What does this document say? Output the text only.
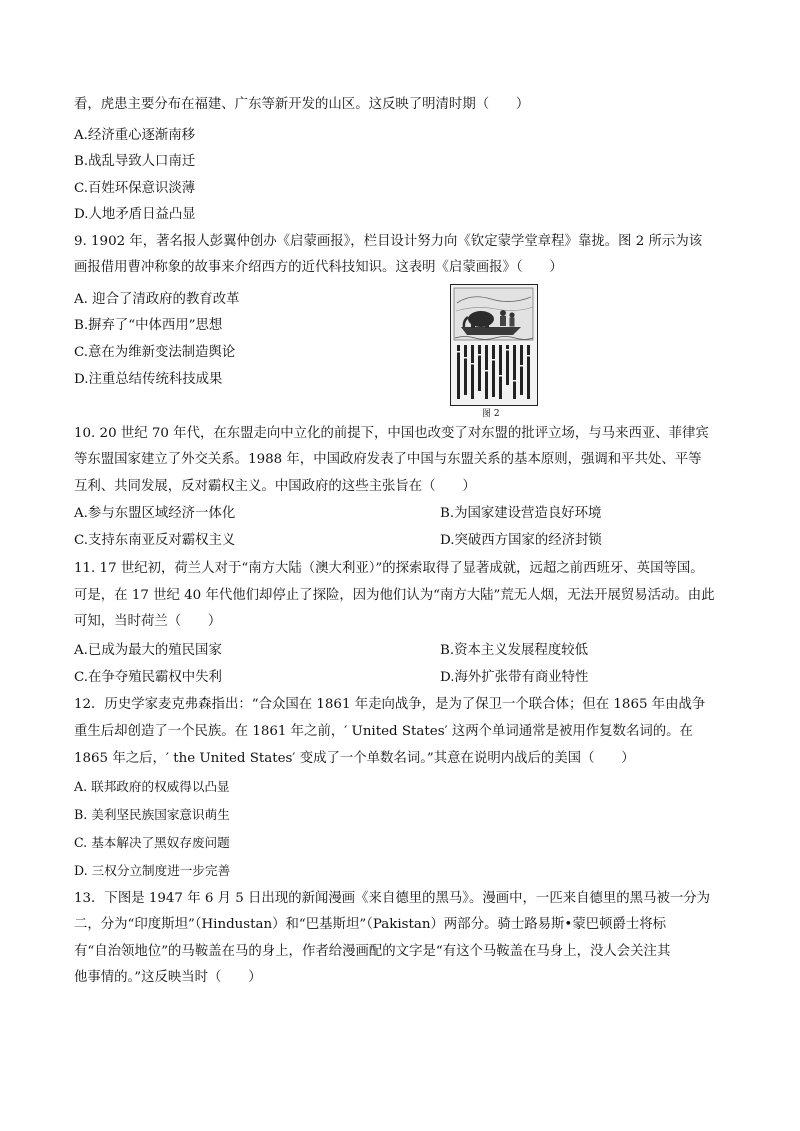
看，虎患主要分布在福建、广东等新开发的山区。这反映了明清时期（　　）
A.经济重心逐渐南移
B.战乱导致人口南迁
C.百姓环保意识淡薄
D.人地矛盾日益凸显
9. 1902 年，著名报人彭翼仲创办《启蒙画报》，栏目设计努力向《钦定蒙学堂章程》靠拢。图 2 所示为该
画报借用曹冲称象的故事来介绍西方的近代科技知识。这表明《启蒙画报》（　　）
A. 迎合了清政府的教育改革
B.摒弃了“中体西用”思想
C.意在为维新变法制造舆论
D.注重总结传统科技成果
图 2
10. 20 世纪 70 年代，在东盟走向中立化的前提下，中国也改变了对东盟的批评立场，与马来西亚、菲律宾
等东盟国家建立了外交关系。1988 年，中国政府发表了中国与东盟关系的基本原则，强调和平共处、平等
互利、共同发展，反对霸权主义。中国政府的这些主张旨在（　　）
A.参与东盟区域经济一体化	B.为国家建设营造良好环境
C.支持东南亚反对霸权主义	D.突破西方国家的经济封锁
11. 17 世纪初，荷兰人对于“南方大陆（澳大利亚）”的探索取得了显著成就，远超之前西班牙、英国等国。
可是，在 17 世纪 40 年代他们却停止了探险，因为他们认为“南方大陆”荒无人烟，无法开展贸易活动。由此
可知，当时荷兰（　　）
A.已成为最大的殖民国家	B.资本主义发展程度较低
C.在争夺殖民霸权中失利	D.海外扩张带有商业特性
12．历史学家麦克弗森指出：“合众国在 1861 年走向战争，是为了保卫一个联合体；但在 1865 年由战争
重生后却创造了一个民族。在 1861 年之前，′ United States′ 这两个单词通常是被用作复数名词的。在
1865 年之后，′ the United States′ 变成了一个单数名词。”其意在说明内战后的美国（　　）
A. 联邦政府的权威得以凸显
B. 美利坚民族国家意识萌生
C. 基本解决了黑奴存废问题
D. 三权分立制度进一步完善
13．下图是 1947 年 6 月 5 日出现的新闻漫画《来自德里的黑马》。漫画中，一匹来自德里的黑马被一分为
二，分为“印度斯坦”（Hindustan）和“巴基斯坦”（Pakistan）两部分。骑士路易斯•蒙巴顿爵士将标
有“自治领地位”的马鞍盖在马的身上，作者给漫画配的文字是“有这个马鞍盖在马身上，没人会关注其
他事情的。”这反映当时（　　）
